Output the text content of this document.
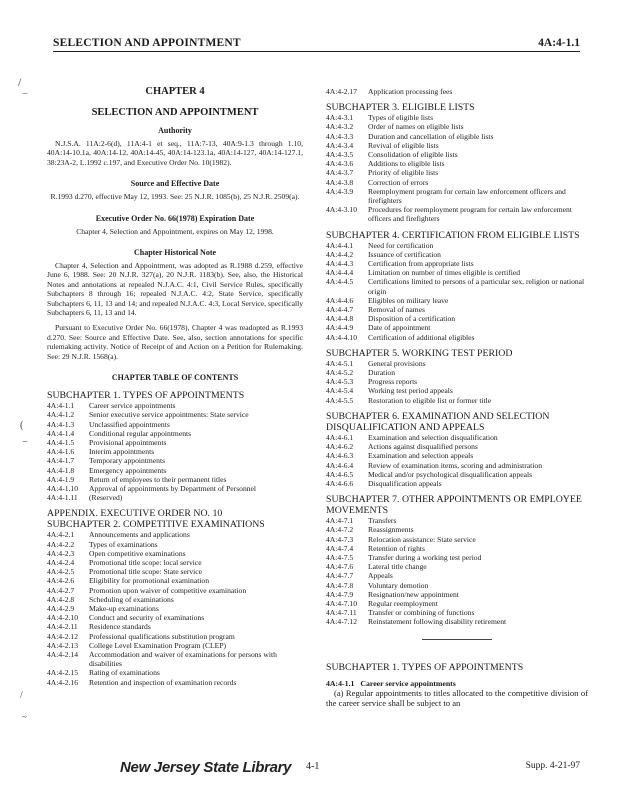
SELECTION AND APPOINTMENT	4A:4-1.1
/
⌣
(
⌣
/
~

CHAPTER 4

SELECTION AND APPOINTMENT

Authority

N.J.S.A. 11A:2-6(d), 11A:4-1 et seq., 11A:7-13, 40A:9-1.3 through 1.10, 40A:14-10.1a, 40A:14-12, 40A:14-45, 40A:14-123.1a, 40A:14-127, 40A:14-127.1, 38:23A-2, L.1992 c.197, and Executive Order No. 10(1982).

Source and Effective Date

R.1993 d.270, effective May 12, 1993. See: 25 N.J.R. 1085(b), 25 N.J.R. 2509(a).

Executive Order No. 66(1978) Expiration Date

Chapter 4, Selection and Appointment, expires on May 12, 1998.

Chapter Historical Note

Chapter 4, Selection and Appointment, was adopted as R.1988 d.259, effective June 6, 1988. See: 20 N.J.R. 327(a), 20 N.J.R. 1183(b). See, also, the Historical Notes and annotations at repealed N.J.A.C. 4:1, Civil Service Rules, specifically Subchapters 8 through 16; repealed N.J.A.C. 4:2, State Service, specifically Subchapters 6, 11, 13 and 14; and repealed N.J.A.C. 4:3, Local Service, specifically Subchapters 6, 11, 13 and 14.

Pursuant to Executive Order No. 66(1978), Chapter 4 was readopted as R.1993 d.270. See: Source and Effective Date. See, also, section annotations for specific rulemaking activity. Notice of Receipt of and Action on a Petition for Rulemaking. See: 29 N.J.R. 1568(a).

CHAPTER TABLE OF CONTENTS

SUBCHAPTER 1. TYPES OF APPOINTMENTS

4A:4-1.1	Career service appointments
4A:4-1.2	Senior executive service appointments: State service
4A:4-1.3	Unclassified appointments
4A:4-1.4	Conditional regular appointments
4A:4-1.5	Provisional appointments
4A:4-1.6	Interim appointments
4A:4-1.7	Temporary appointments
4A:4-1.8	Emergency appointments
4A:4-1.9	Return of employees to their permanent titles
4A:4-1.10	Approval of appointments by Department of Personnel
4A:4-1.11	(Reserved)

APPENDIX. EXECUTIVE ORDER NO. 10

SUBCHAPTER 2. COMPETITIVE EXAMINATIONS

4A:4-2.1	Announcements and applications
4A:4-2.2	Types of examinations
4A:4-2.3	Open competitive examinations
4A:4-2.4	Promotional title scope: local service
4A:4-2.5	Promotional title scope: State service
4A:4-2.6	Eligibility for promotional examination
4A:4-2.7	Promotion upon waiver of competitive examination
4A:4-2.8	Scheduling of examinations
4A:4-2.9	Make-up examinations
4A:4-2.10	Conduct and security of examinations
4A:4-2.11	Residence standards
4A:4-2.12	Professional qualifications substitution program
4A:4-2.13	College Level Examination Program (CLEP)
4A:4-2.14	Accommodation and waiver of examinations for persons with disabilities
4A:4-2.15	Rating of examinations
4A:4-2.16	Retention and inspection of examination records
4A:4-2.17	Application processing fees

SUBCHAPTER 3. ELIGIBLE LISTS

4A:4-3.1	Types of eligible lists
4A:4-3.2	Order of names on eligible lists
4A:4-3.3	Duration and cancellation of eligible lists
4A:4-3.4	Revival of eligible lists
4A:4-3.5	Consolidation of eligible lists
4A:4-3.6	Additions to eligible lists
4A:4-3.7	Priority of eligible lists
4A:4-3.8	Correction of errors
4A:4-3.9	Reemployment program for certain law enforcement officers and firefighters
4A:4-3.10	Procedures for reemployment program for certain law enforcement officers and firefighters

SUBCHAPTER 4. CERTIFICATION FROM ELIGIBLE LISTS

4A:4-4.1	Need for certification
4A:4-4.2	Issuance of certification
4A:4-4.3	Certification from appropriate lists
4A:4-4.4	Limitation on number of times eligible is certified
4A:4-4.5	Certifications limited to persons of a particular sex, religion or national origin
4A:4-4.6	Eligibles on military leave
4A:4-4.7	Removal of names
4A:4-4.8	Disposition of a certification
4A:4-4.9	Date of appointment
4A:4-4.10	Certification of additional eligibles

SUBCHAPTER 5. WORKING TEST PERIOD

4A:4-5.1	General provisions
4A:4-5.2	Duration
4A:4-5.3	Progress reports
4A:4-5.4	Working test period appeals
4A:4-5.5	Restoration to eligible list or former title

SUBCHAPTER 6. EXAMINATION AND SELECTION DISQUALIFICATION AND APPEALS

4A:4-6.1	Examination and selection disqualification
4A:4-6.2	Actions against disqualified persons
4A:4-6.3	Examination and selection appeals
4A:4-6.4	Review of examination items, scoring and administration
4A:4-6.5	Medical and/or psychological disqualification appeals
4A:4-6.6	Disqualification appeals

SUBCHAPTER 7. OTHER APPOINTMENTS OR EMPLOYEE MOVEMENTS

4A:4-7.1	Transfers
4A:4-7.2	Reassignments
4A:4-7.3	Relocation assistance: State service
4A:4-7.4	Retention of rights
4A:4-7.5	Transfer during a working test period
4A:4-7.6	Lateral title change
4A:4-7.7	Appeals
4A:4-7.8	Voluntary demotion
4A:4-7.9	Resignation/new appointment
4A:4-7.10	Regular reemployment
4A:4-7.11	Transfer or combining of functions
4A:4-7.12	Reinstatement following disability retirement

SUBCHAPTER 1. TYPES OF APPOINTMENTS

4A:4-1.1 Career service appointments

(a) Regular appointments to titles allocated to the competitive division of the career service shall be subject to an

New Jersey State Library 4-1	Supp. 4-21-97
